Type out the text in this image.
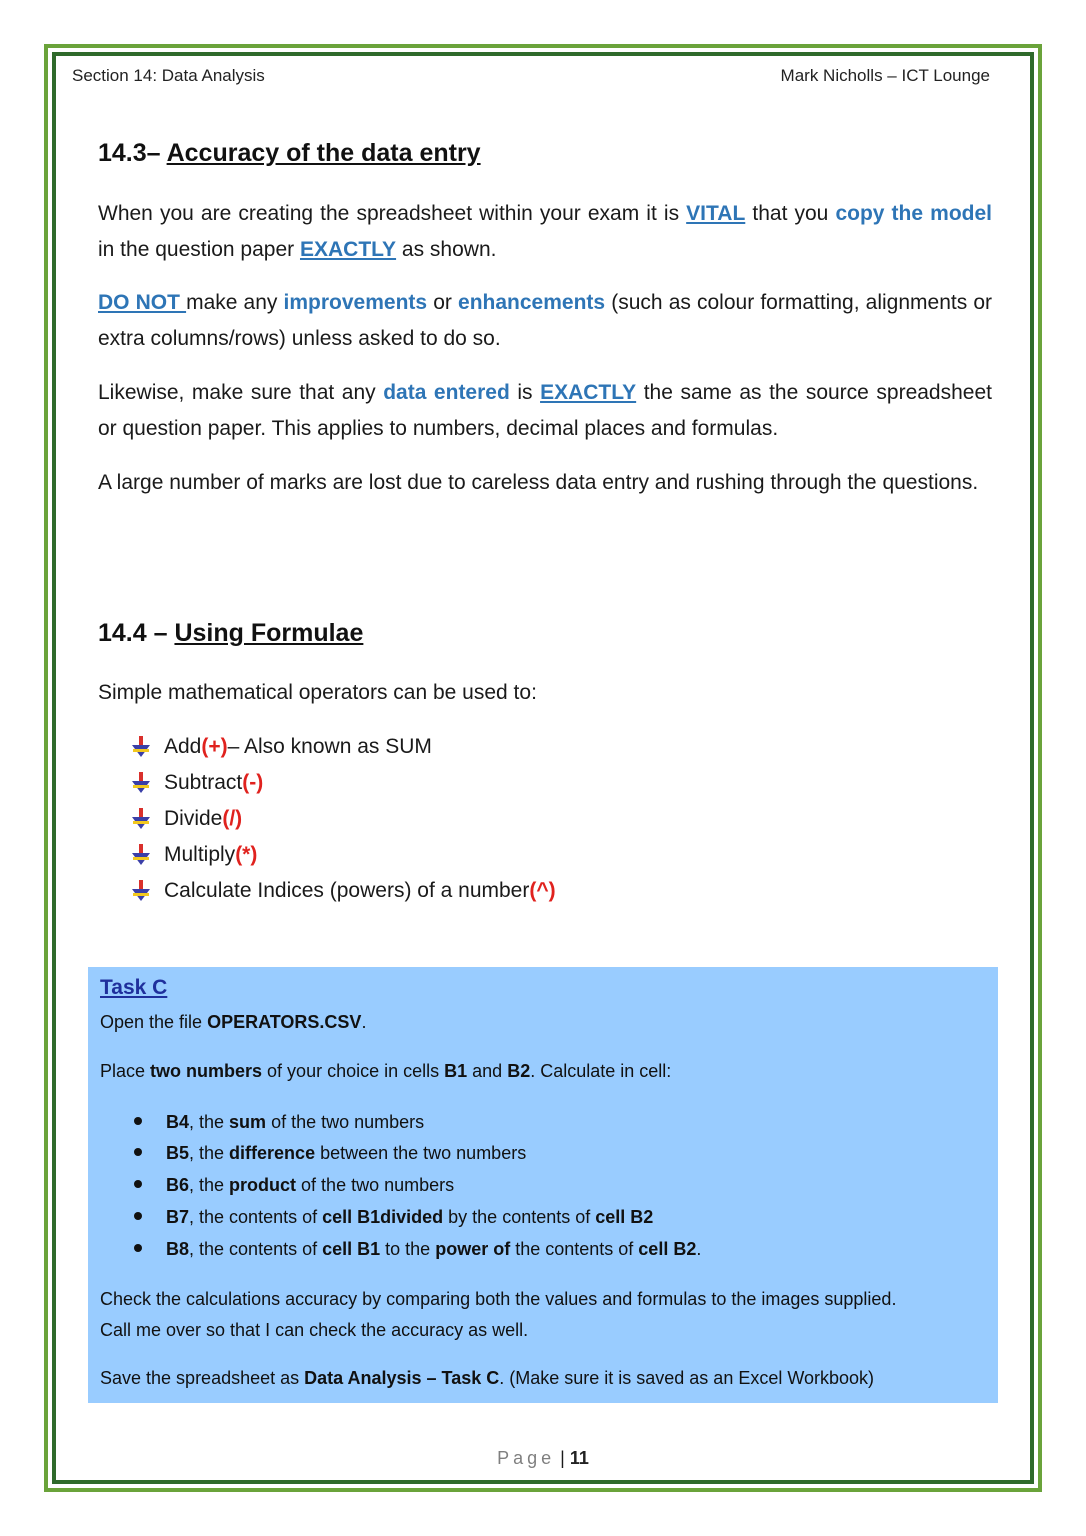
Section 14: Data Analysis	Mark Nicholls – ICT Lounge
14.3– Accuracy of the data entry

When you are creating the spreadsheet within your exam it is VITAL that you copy the model in the question paper EXACTLY as shown.

DO NOT make any improvements or enhancements (such as colour formatting, alignments or extra columns/rows) unless asked to do so.

Likewise, make sure that any data entered is EXACTLY the same as the source spreadsheet or question paper. This applies to numbers, decimal places and formulas.

A large number of marks are lost due to careless data entry and rushing through the questions.

14.4 – Using Formulae

Simple mathematical operators can be used to:

Add (+) – Also known as SUM
Subtract (-)
Divide (/)
Multiply (*)
Calculate Indices (powers) of a number (^)
Task C
Open the file OPERATORS.CSV.
Place two numbers of your choice in cells B1 and B2. Calculate in cell:
B4, the sum of the two numbers
B5, the difference between the two numbers
B6, the product of the two numbers
B7, the contents of cell B1divided by the contents of cell B2
B8, the contents of cell B1 to the power of the contents of cell B2.
Check the calculations accuracy by comparing both the values and formulas to the images supplied.
Call me over so that I can check the accuracy as well.
Save the spreadsheet as Data Analysis – Task C. (Make sure it is saved as an Excel Workbook)
Page | 11
